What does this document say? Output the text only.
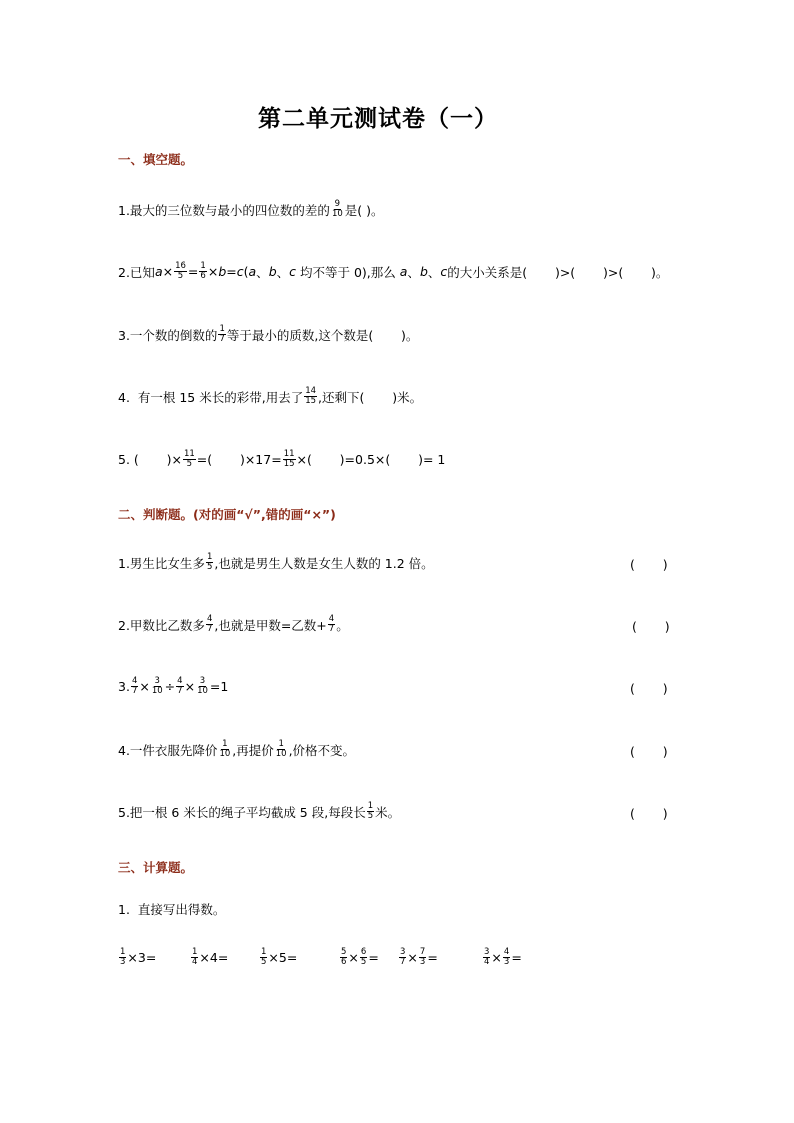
第二单元测试卷（一）
一、填空题。
1.最大的三位数与最小的四位数的差的 9
10 是( )。
2.已知 $a \times \frac{16}{5} = \frac{1}{6} \times b = c$ ( a 、 b 、 c 均不等于 0),那么 a 、 b 、 c 的大小关系是(       )>(       )>(       )。
3.一个数的倒数的 1
7 等于最小的质数,这个数是(       )。
4.  有一根 15 米长的彩带,用去了 14
15 ,还剩下(       )米。
5. (       )× $\frac{11}{5}$ =(       )$\times 17= \frac{11}{15}$ ×(       )=0.5×(       )= 1
二、判断题。(对的画“√”,错的画“×”)
1.男生比女生多 1
5 ,也就是男生人数是女生人数的 1.2 倍。	(       )
2.甲数比乙数多 4
7 ,也就是甲数=乙数+ $\frac{4}{7}$ 。	(       )
3. $\frac{4}{7} \times \frac{3}{10} \div \frac{4}{7} \times \frac{3}{10} =1$	(       )
4.一件衣服先降价 1
10 ,再提价 1
10 ,价格不变。	(       )
5.把一根 6 米长的绳子平均截成 5 段,每段长 1
5 米。	(       )
三、计算题。
1.  直接写出得数。
$\frac{1}{3} \times 3=$	$\frac{1}{4} \times 4=$	$\frac{1}{5} \times 5=$	$\frac{5}{6} \times \frac{6}{5} = \frac{3}{7} \times \frac{7}{3}$ =	$\frac{3}{4} \times \frac{4}{3}$ =
